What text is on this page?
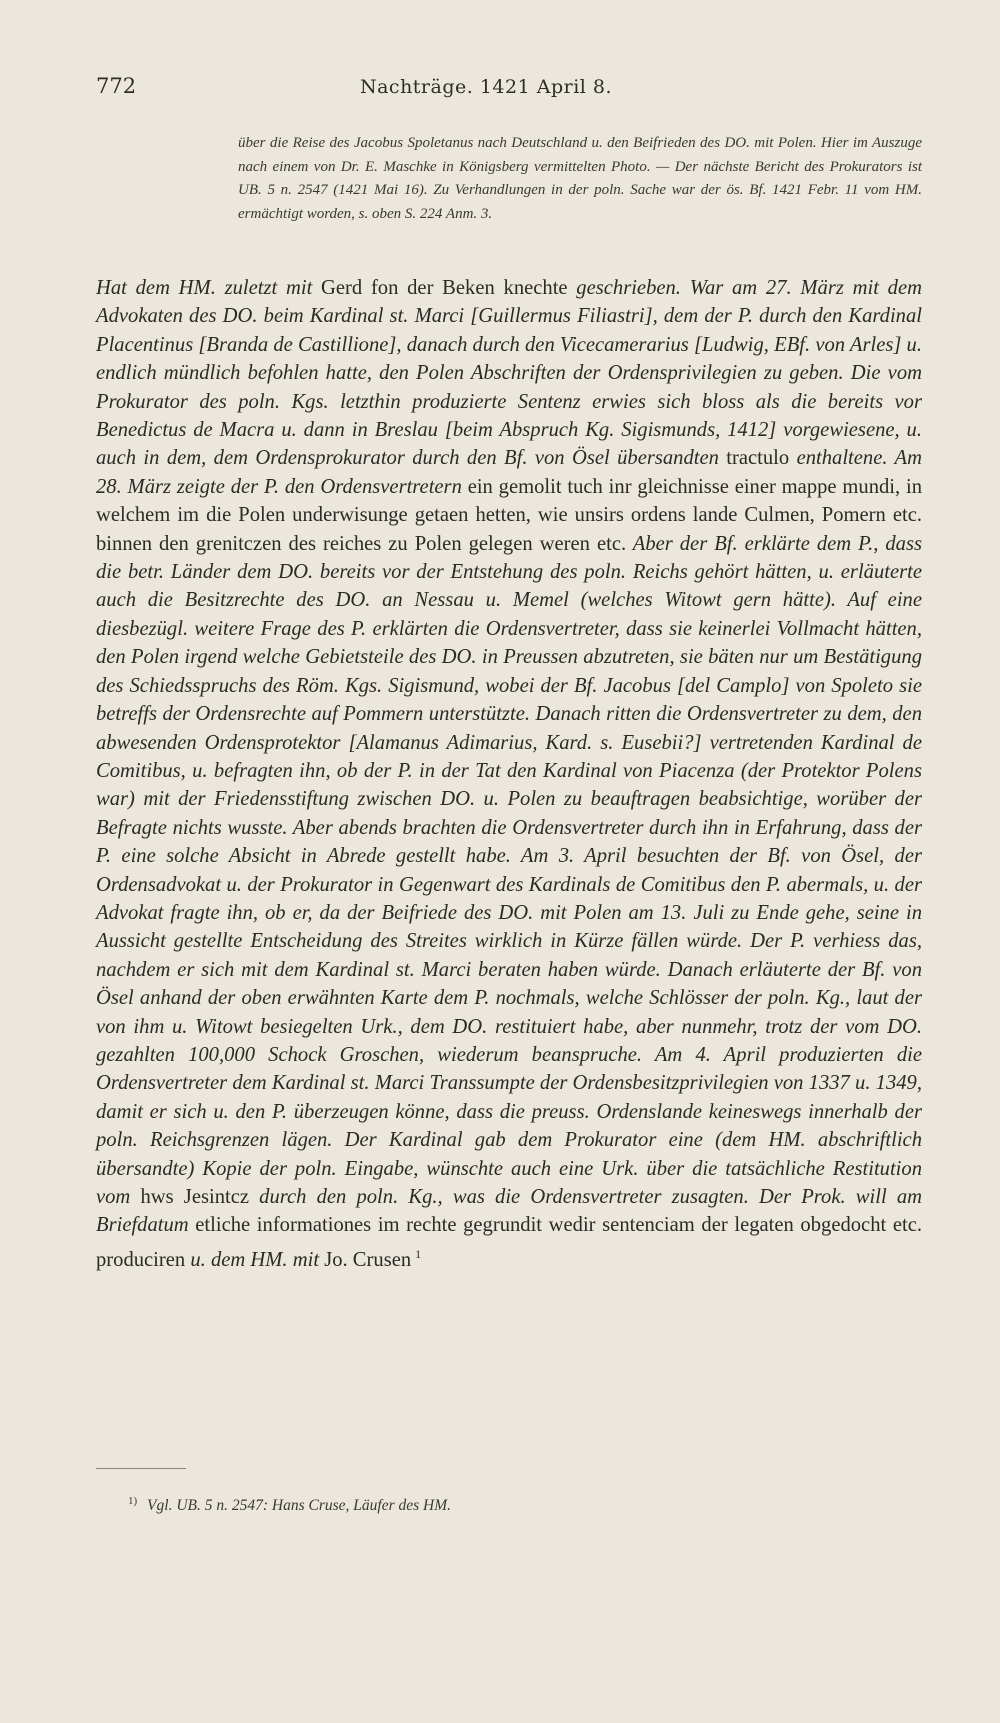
772	Nachträge. 1421 April 8.

über die Reise des Jacobus Spoletanus nach Deutschland u. den Beifrieden des DO. mit Polen. Hier im Auszuge nach einem von Dr. E. Maschke in Königsberg vermittelten Photo. — Der nächste Bericht des Prokurators ist UB. 5 n. 2547 (1421 Mai 16). Zu Verhandlungen in der poln. Sache war der ös. Bf. 1421 Febr. 11 vom HM. ermächtigt worden, s. oben S. 224 Anm. 3.

Hat dem HM. zuletzt mit Gerd fon der Beken knechte geschrieben. War am 27. März mit dem Advokaten des DO. beim Kardinal st. Marci [Guillermus Filiastri], dem der P. durch den Kardinal Placentinus [Branda de Castillione], danach durch den Vicecamerarius [Ludwig, EBf. von Arles] u. endlich mündlich befohlen hatte, den Polen Abschriften der Ordensprivilegien zu geben. Die vom Prokurator des poln. Kgs. letzthin produzierte Sentenz erwies sich bloss als die bereits vor Benedictus de Macra u. dann in Breslau [beim Abspruch Kg. Sigismunds, 1412] vorgewiesene, u. auch in dem, dem Ordensprokurator durch den Bf. von Ösel übersandten tractulo enthaltene. Am 28. März zeigte der P. den Ordensvertretern ein gemolit tuch inr gleichnisse einer mappe mundi, in welchem im die Polen underwisunge getaen hetten, wie unsirs ordens lande Culmen, Pomern etc. binnen den grenitczen des reiches zu Polen gelegen weren etc. Aber der Bf. erklärte dem P., dass die betr. Länder dem DO. bereits vor der Entstehung des poln. Reichs gehört hätten, u. erläuterte auch die Besitzrechte des DO. an Nessau u. Memel (welches Witowt gern hätte). Auf eine diesbezügl. weitere Frage des P. erklärten die Ordensvertreter, dass sie keinerlei Vollmacht hätten, den Polen irgend welche Gebietsteile des DO. in Preussen abzutreten, sie bäten nur um Bestätigung des Schiedsspruchs des Röm. Kgs. Sigismund, wobei der Bf. Jacobus [del Camplo] von Spoleto sie betreffs der Ordensrechte auf Pommern unterstützte. Danach ritten die Ordensvertreter zu dem, den abwesenden Ordensprotektor [Alamanus Adimarius, Kard. s. Eusebii?] vertretenden Kardinal de Comitibus, u. befragten ihn, ob der P. in der Tat den Kardinal von Piacenza (der Protektor Polens war) mit der Friedensstiftung zwischen DO. u. Polen zu beauftragen beabsichtige, worüber der Befragte nichts wusste. Aber abends brachten die Ordensvertreter durch ihn in Erfahrung, dass der P. eine solche Absicht in Abrede gestellt habe. Am 3. April besuchten der Bf. von Ösel, der Ordensadvokat u. der Prokurator in Gegenwart des Kardinals de Comitibus den P. abermals, u. der Advokat fragte ihn, ob er, da der Beifriede des DO. mit Polen am 13. Juli zu Ende gehe, seine in Aussicht gestellte Entscheidung des Streites wirklich in Kürze fällen würde. Der P. verhiess das, nachdem er sich mit dem Kardinal st. Marci beraten haben würde. Danach erläuterte der Bf. von Ösel anhand der oben erwähnten Karte dem P. nochmals, welche Schlösser der poln. Kg., laut der von ihm u. Witowt besiegelten Urk., dem DO. restituiert habe, aber nunmehr, trotz der vom DO. gezahlten 100,000 Schock Groschen, wiederum beanspruche. Am 4. April produzierten die Ordensvertreter dem Kardinal st. Marci Transsumpte der Ordensbesitzprivilegien von 1337 u. 1349, damit er sich u. den P. überzeugen könne, dass die preuss. Ordenslande keineswegs innerhalb der poln. Reichsgrenzen lägen. Der Kardinal gab dem Prokurator eine (dem HM. abschriftlich übersandte) Kopie der poln. Eingabe, wünschte auch eine Urk. über die tatsächliche Restitution vom hws Jesintcz durch den poln. Kg., was die Ordensvertreter zusagten. Der Prok. will am Briefdatum etliche informationes im rechte gegrundit wedir sentenciam der legaten obgedocht etc. produciren u. dem HM. mit Jo. Crusen $^1$

$^{1)}$ Vgl. UB. 5 n. 2547: Hans Cruse, Läufer des HM.
